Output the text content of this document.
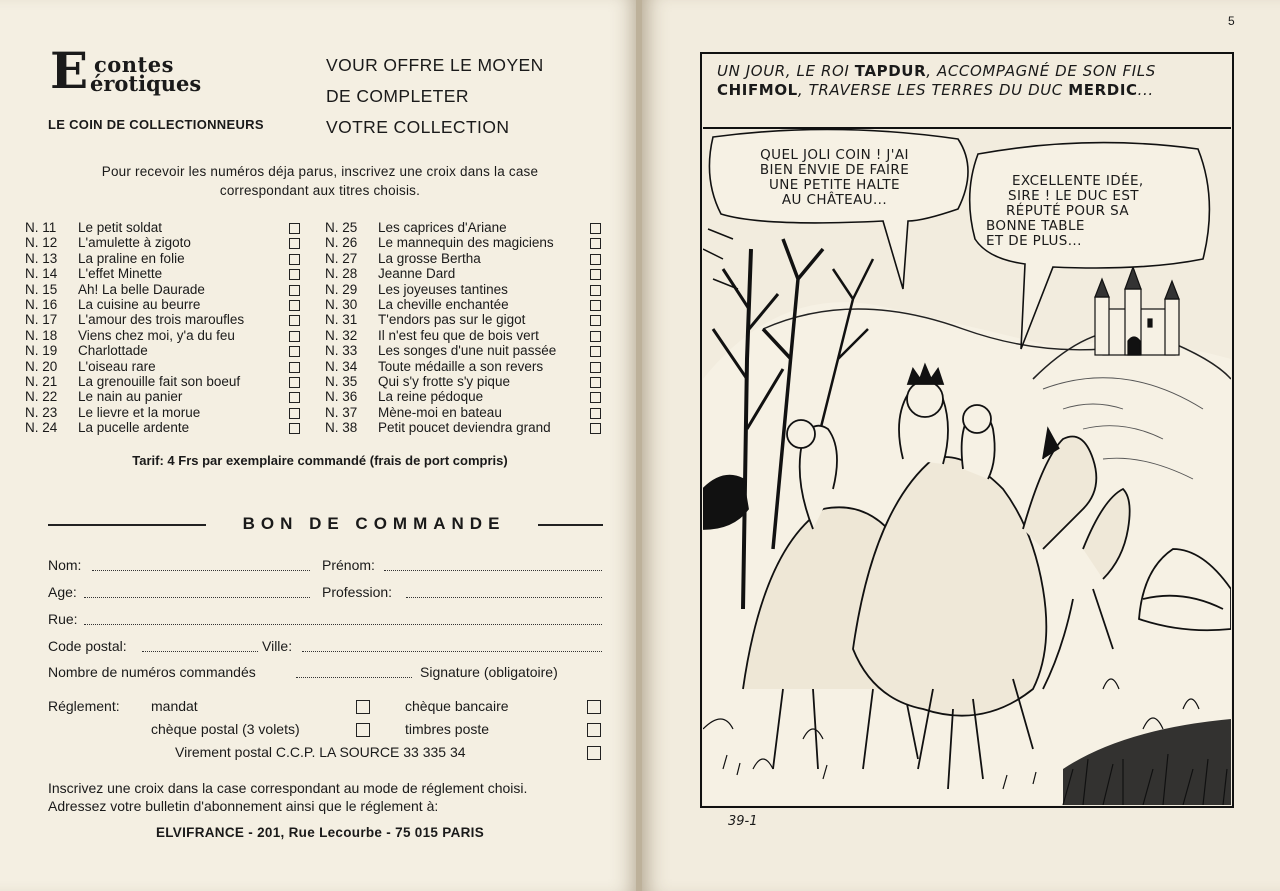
E contes
érotiques
LE COIN DE COLLECTIONNEURS
VOUR OFFRE LE MOYEN
DE COMPLETER
VOTRE COLLECTION
Pour recevoir les numéros déja parus, inscrivez une croix dans la case
correspondant aux titres choisis.
N. 11 Le petit soldat
N. 12 L'amulette à zigoto
N. 13 La praline en folie
N. 14 L'effet Minette
N. 15 Ah! La belle Daurade
N. 16 La cuisine au beurre
N. 17 L'amour des trois maroufles
N. 18 Viens chez moi, y'a du feu
N. 19 Charlottade
N. 20 L'oiseau rare
N. 21 La grenouille fait son boeuf
N. 22 Le nain au panier
N. 23 Le lievre et la morue
N. 24 La pucelle ardente
N. 25 Les caprices d'Ariane
N. 26 Le mannequin des magiciens
N. 27 La grosse Bertha
N. 28 Jeanne Dard
N. 29 Les joyeuses tantines
N. 30 La cheville enchantée
N. 31 T'endors pas sur le gigot
N. 32 Il n'est feu que de bois vert
N. 33 Les songes d'une nuit passée
N. 34 Toute médaille a son revers
N. 35 Qui s'y frotte s'y pique
N. 36 La reine pédoque
N. 37 Mène-moi en bateau
N. 38 Petit poucet deviendra grand
Tarif: 4 Frs par exemplaire commandé (frais de port compris)
BON DE COMMANDE
Nom:	Prénom:
Age:	Profession:
Rue:
Code postal:	Ville:
Nombre de numéros commandés	Signature (obligatoire)
Réglement: mandat	chèque bancaire
chèque postal (3 volets)	timbres poste
Virement postal C.C.P. LA SOURCE 33 335 34
Inscrivez une croix dans la case correspondant au mode de réglement choisi.
Adressez votre bulletin d'abonnement ainsi que le réglement à:
ELVIFRANCE - 201, Rue Lecourbe - 75 015 PARIS
5
UN JOUR, LE ROI TAPDUR, ACCOMPAGNÉ DE SON FILS CHIFMOL, TRAVERSE LES TERRES DU DUC MERDIC...
QUEL JOLI COIN ! J'AI
BIEN ENVIE DE FAIRE
UNE PETITE HALTE
AU CHÂTEAU...
EXCELLENTE IDÉE,
SIRE ! LE DUC EST
RÉPUTÉ POUR SA
BONNE TABLE
ET DE PLUS...
39-1
